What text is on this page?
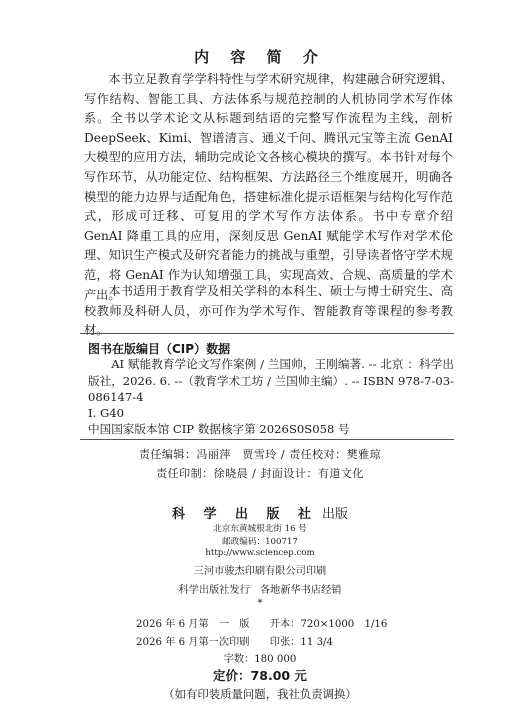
内 容 简 介

本书立足教育学学科特性与学术研究规律，构建融合研究逻辑、写作结构、智能工具、方法体系与规范控制的人机协同学术写作体系。全书以学术论文从标题到结语的完整写作流程为主线，剖析 DeepSeek、Kimi、智谱清言、通义千问、腾讯元宝等主流 GenAI 大模型的应用方法，辅助完成论文各核心模块的撰写。本书针对每个写作环节，从功能定位、结构框架、方法路径三个维度展开，明确各模型的能力边界与适配角色，搭建标准化提示语框架与结构化写作范式，形成可迁移、可复用的学术写作方法体系。书中专章介绍 GenAI 降重工具的应用，深刻反思 GenAI 赋能学术写作对学术伦理、知识生产模式及研究者能力的挑战与重塑，引导读者恪守学术规范，将 GenAI 作为认知增强工具，实现高效、合规、高质量的学术产出。

本书适用于教育学及相关学科的本科生、硕士与博士研究生、高校教师及科研人员，亦可作为学术写作、智能教育等课程的参考教材。

图书在版编目（CIP）数据

AI 赋能教育学论文写作案例 / 兰国帅，王刚编著. -- 北京 ：科学出版社，2026. 6. --（教育学术工坊 / 兰国帅主编）. -- ISBN 978-7-03-086147-4

Ⅰ. G40
中国国家版本馆 CIP 数据核字第 2026S0S058 号
责任编辑：冯丽萍　贾雪玲 / 责任校对：樊雅琼
责任印制：徐晓晨 / 封面设计：有道文化
科 学 出 版 社 出版
北京东黄城根北街 16 号
邮政编码：100717
http://www.sciencep.com
三河市骏杰印刷有限公司印刷
科学出版社发行　各地新华书店经销
*
2026 年 6 月第　一　版　　开本：720×1000　1/16
2026 年 6 月第一次印刷　　印张：11 3/4
字数：180 000
定价：78.00 元
（如有印装质量问题，我社负责调换）
